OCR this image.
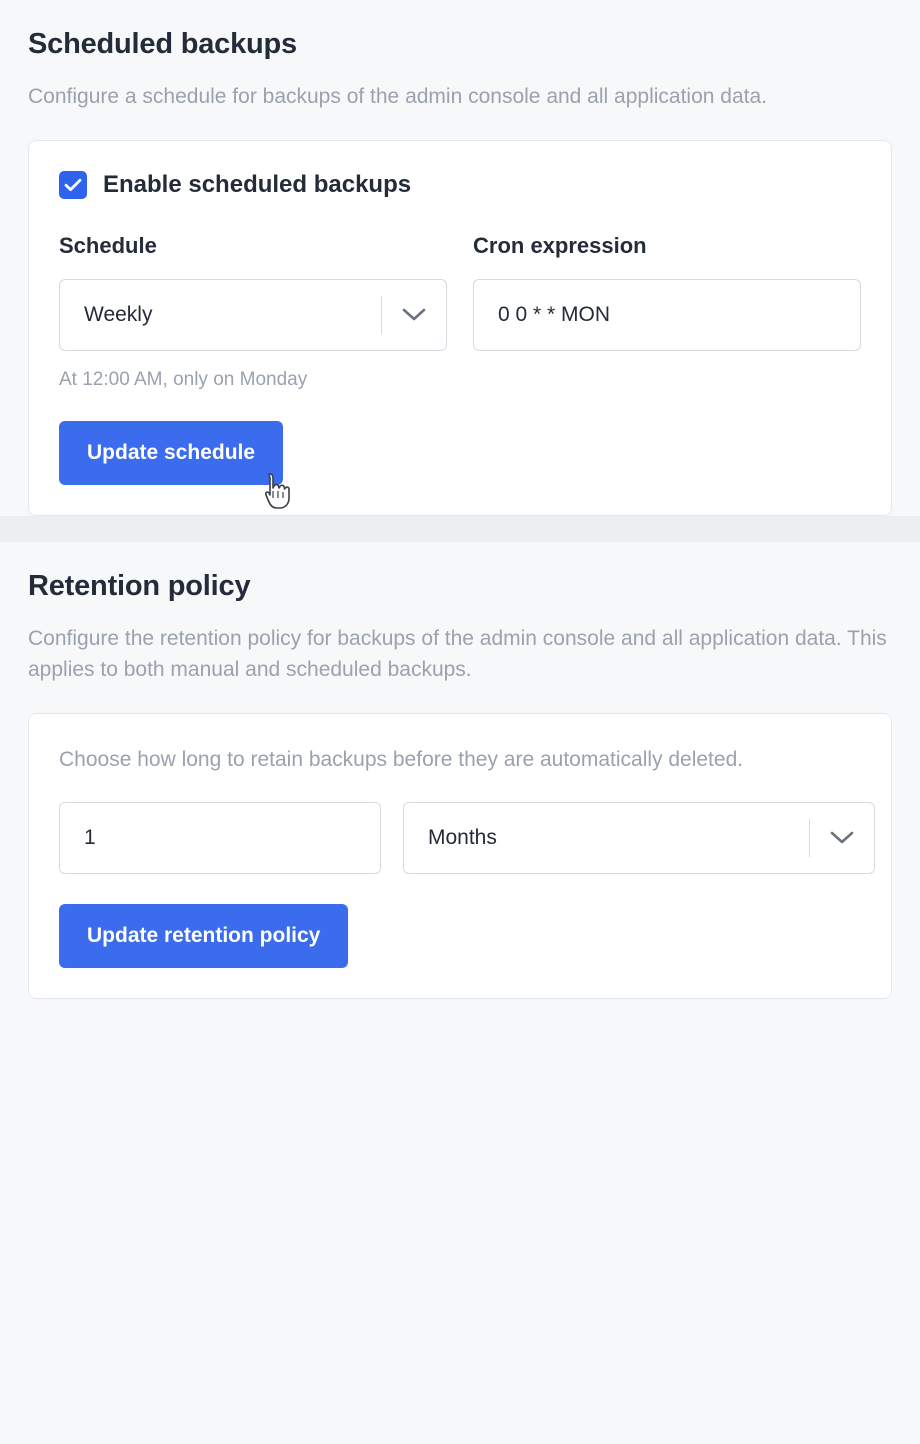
Scheduled backups

Configure a schedule for backups of the admin console and all application data.

Enable scheduled backups
Schedule
Weekly
At 12:00 AM, only on Monday
Cron expression
0 0 * * MON
Update schedule
Retention policy

Configure the retention policy for backups of the admin console and all application data. This applies to both manual and scheduled backups.

Choose how long to retain backups before they are automatically deleted.

1	Months
Update retention policy
